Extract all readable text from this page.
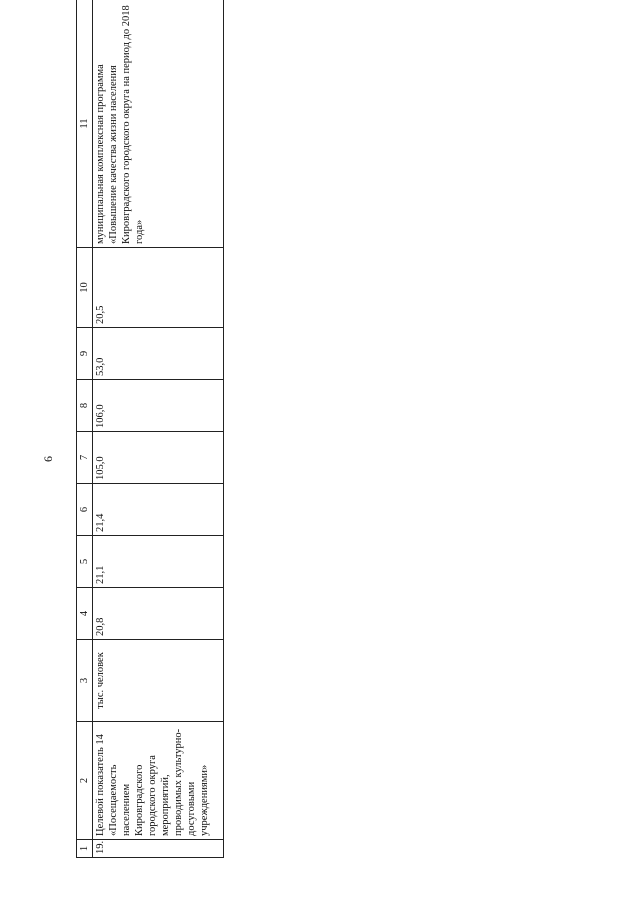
6
1	2	3	4	5	6	7	8	9	10	11
19.	Целевой показатель 14 «Посещаемость населением Кировградского городского округа мероприятий, проводимых культурно-досуговыми учреждениями»	тыс. человек	20,8	21,1	21,4	105,0	106,0	53,0	20,5	муниципальная комплексная программа «Повышение качества жизни населения Кировградского городского округа на период до 2018 года»
